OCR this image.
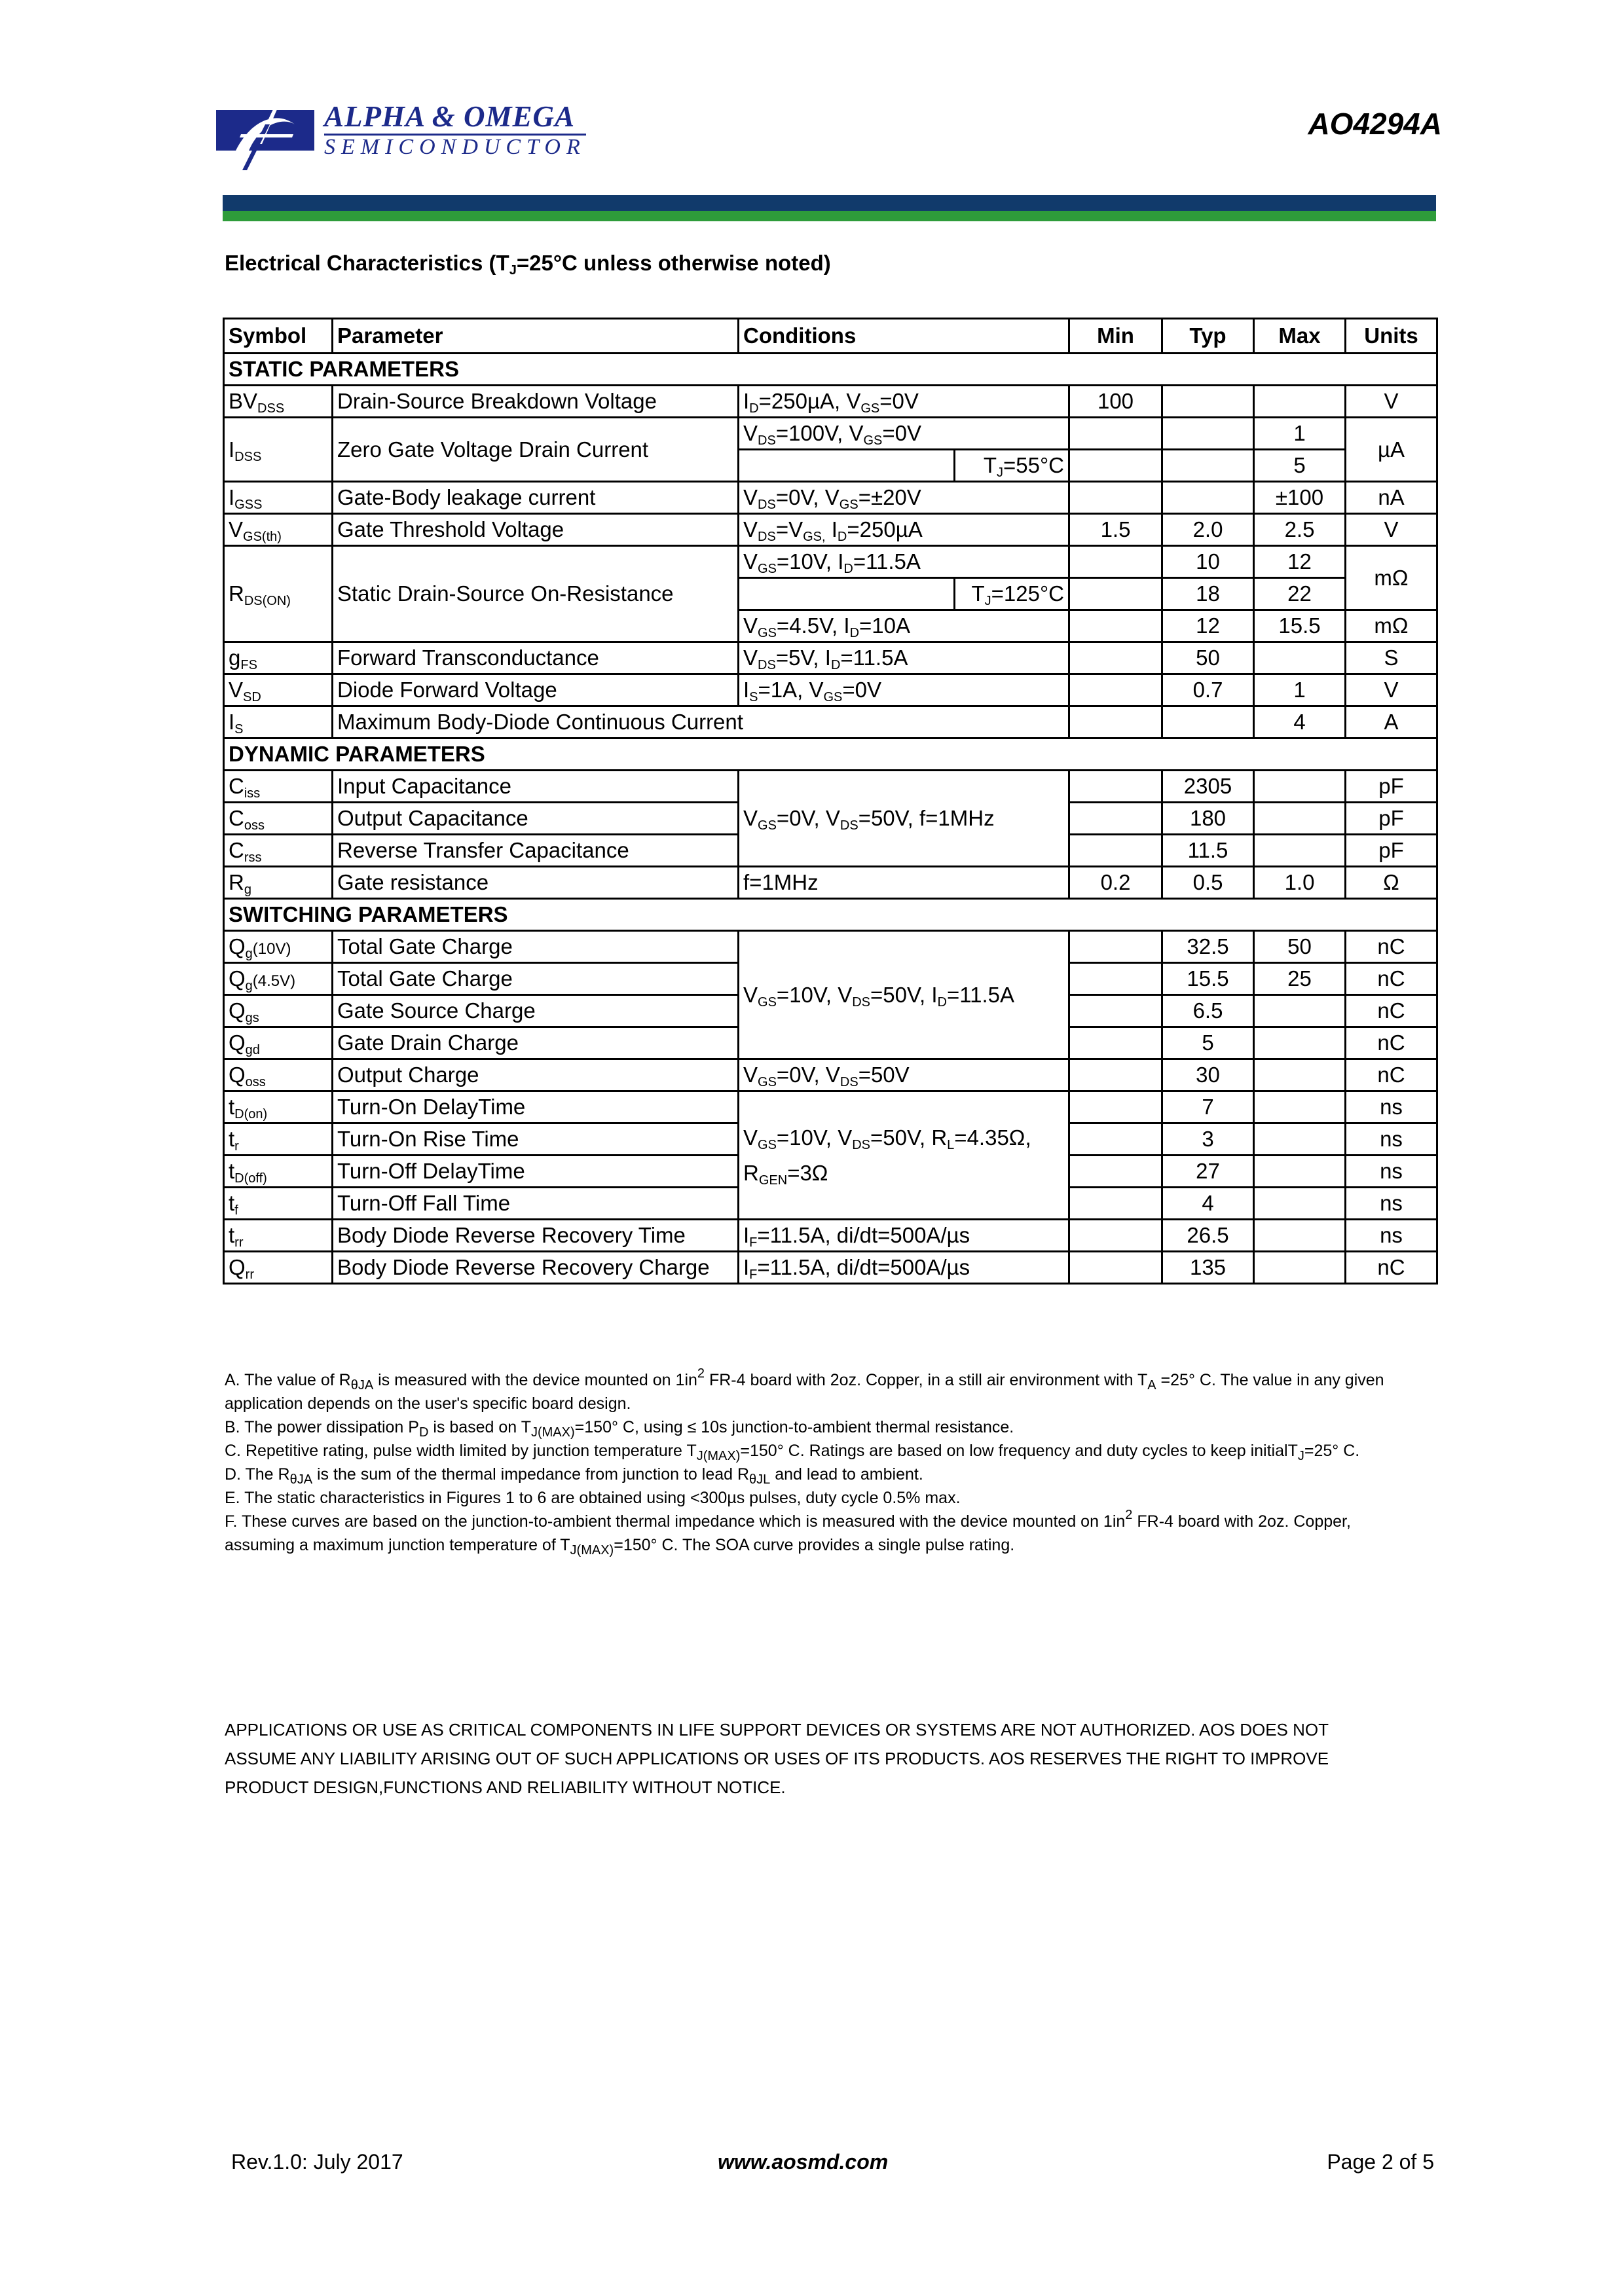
ALPHA & OMEGA
SEMICONDUCTOR
AO4294A
Electrical Characteristics ($T_J=25^\circ C$ unless otherwise noted)
Symbol	Parameter	Conditions		Min	Typ	Max	Units
STATIC PARAMETERS							
$BV_{DSS}$	Drain-Source Breakdown Voltage	$I_D=250\mu A$, $V_{GS}=0V$		100			V
$I_{DSS}$	Zero Gate Voltage Drain Current	$V_{DS}=100V$, $V_{GS}=0V$				1	µA
			$T_J=55^\circ C$			5	
$I_{GSS}$	Gate-Body leakage current	$V_{DS}=0V$, $V_{GS}=\pm 20V$				±100	nA
$V_{GS(th)}$	Gate Threshold Voltage	$V_{DS}=V_{GS,}$ $I_D=250\mu A$		1.5	2.0	2.5	V
$R_{DS(ON)}$	Static Drain-Source On-Resistance	$V_{GS}=10V$, $I_D=11.5A$			10	12	mΩ
			$T_J=125^\circ C$		18	22	
		$V_{GS}=4.5V$, $I_D=10A$			12	15.5	mΩ
$g_{FS}$	Forward Transconductance	$V_{DS}=5V$, $I_D=11.5A$			50		S
$V_{SD}$	Diode Forward Voltage	$I_S=1A$, $V_{GS}=0V$			0.7	1	V
$I_S$	Maximum Body-Diode Continuous Current					4	A
DYNAMIC PARAMETERS							
$C_{iss}$	Input Capacitance	$V_{GS}=0V$, $V_{DS}=50V$, f=1MHz			2305		pF
$C_{oss}$	Output Capacitance				180		pF
$C_{rss}$	Reverse Transfer Capacitance				11.5		pF
$R_g$	Gate resistance	f=1MHz		0.2	0.5	1.0	Ω
SWITCHING PARAMETERS							
$Q_g(10V)$	Total Gate Charge	$V_{GS}=10V$, $V_{DS}=50V$, $I_D=11.5A$			32.5	50	nC
$Q_g(4.5V)$	Total Gate Charge				15.5	25	nC
$Q_{gs}$	Gate Source Charge				6.5		nC
$Q_{gd}$	Gate Drain Charge				5		nC
$Q_{oss}$	Output Charge	$V_{GS}=0V$, $V_{DS}=50V$			30		nC
$t_{D(on)}$	Turn-On DelayTime	$V_{GS}=10V$, $V_{DS}=50V$, $R_L=4.35\Omega$,
$R_{GEN}=3\Omega$			7		ns
$t_r$	Turn-On Rise Time				3		ns
$t_{D(off)}$	Turn-Off DelayTime				27		ns
$t_f$	Turn-Off Fall Time				4		ns
$t_{rr}$	Body Diode Reverse Recovery Time	$I_F=11.5A$, di/dt=500A/µs			26.5		ns
$Q_{rr}$	Body Diode Reverse Recovery Charge	$I_F=11.5A$, di/dt=500A/µs			135		nC

A. The value of $R_{\theta JA}$ is measured with the device mounted on $1in^2$ FR-4 board with 2oz. Copper, in a still air environment with $T_A =25^\circ$ C. The value in any given application depends on the user's specific board design.

B. The power dissipation $P_D$ is based on $T_{J(MAX)}=150^\circ$ C, using ≤ 10s junction-to-ambient thermal resistance.

C. Repetitive rating, pulse width limited by junction temperature $T_{J(MAX)}=150^\circ$ C. Ratings are based on low frequency and duty cycles to keep initialT$_J$=25° C.

D. The $R_{\theta JA}$ is the sum of the thermal impedance from junction to lead $R_{\theta JL}$ and lead to ambient.

E. The static characteristics in Figures 1 to 6 are obtained using <300µs pulses, duty cycle 0.5% max.

F. These curves are based on the junction-to-ambient thermal impedance which is measured with the device mounted on $1in^2$ FR-4 board with 2oz. Copper, assuming a maximum junction temperature of $T_{J(MAX)}=150^\circ$ C. The SOA curve provides a single pulse rating.

APPLICATIONS OR USE AS CRITICAL COMPONENTS IN LIFE SUPPORT DEVICES OR SYSTEMS ARE NOT AUTHORIZED. AOS DOES NOT

ASSUME ANY LIABILITY ARISING OUT OF SUCH APPLICATIONS OR USES OF ITS PRODUCTS. AOS RESERVES THE RIGHT TO IMPROVE

PRODUCT DESIGN,FUNCTIONS AND RELIABILITY WITHOUT NOTICE.

Rev.1.0: July 2017	www.aosmd.com	Page 2 of 5
